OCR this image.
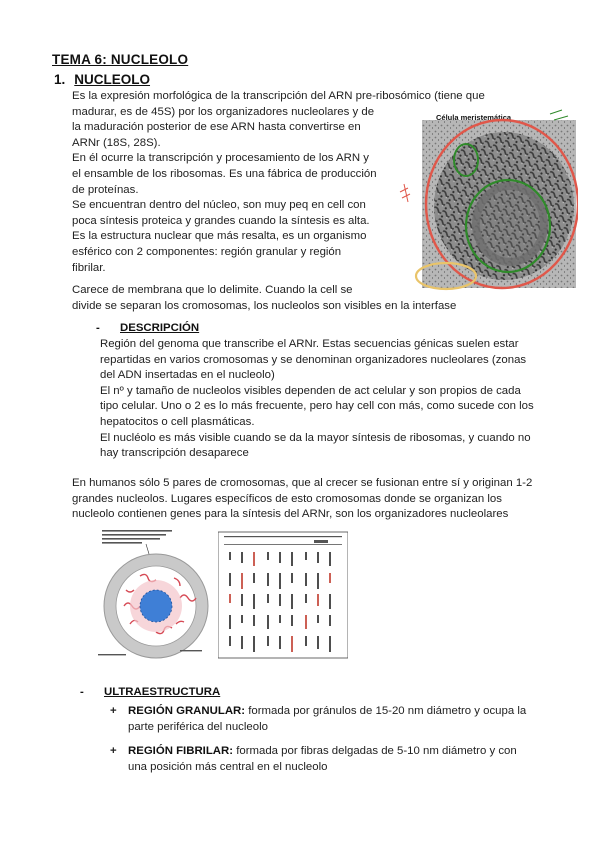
TEMA 6: NUCLEOLO
1. NUCLEOLO

Es la expresión morfológica de la transcripción del ARN pre-ribosómico (tiene que

madurar, es de 45S) por los organizadores nucleolares y de

la maduración posterior de ese ARN hasta convertirse en

ARNr (18S, 28S).

En él ocurre la transcripción y procesamiento de los ARN y

el ensamble de los ribosomas. Es una fábrica de producción

de proteínas.

Se encuentran dentro del núcleo, son muy peq en cell con

poca síntesis proteica y grandes cuando la síntesis es alta.

Es la estructura nuclear que más resalta, es un organismo

esférico con 2 componentes: región granular y región

fibrilar.

Carece de membrana que lo delimite. Cuando la cell se

divide se separan los cromosomas, los nucleolos son visibles en la interfase

Célula meristemática
- DESCRIPCIÓN

Región del genoma que transcribe el ARNr. Estas secuencias génicas suelen estar

repartidas en varios cromosomas y se denominan organizadores nucleolares (zonas

del ADN insertadas en el nucleolo)

El nº y tamaño de nucleolos visibles dependen de act celular y son propios de cada

tipo celular. Uno o 2 es lo más frecuente, pero hay cell con más, como sucede con los

hepatocitos o cell plasmáticas.

El nucléolo es más visible cuando se da la mayor síntesis de ribosomas, y cuando no

hay transcripción desaparece

En humanos sólo 5 pares de cromosomas, que al crecer se fusionan entre sí y originan 1-2

grandes nucleolos. Lugares específicos de esto cromosomas donde se organizan los

nucleolo contienen genes para la síntesis del ARNr, son los organizadores nucleolares

- ULTRAESTRUCTURA
+ REGIÓN GRANULAR: formada por gránulos de 15-20 nm diámetro y ocupa la
parte periférica del nucleolo
+ REGIÓN FIBRILAR: formada por fibras delgadas de 5-10 nm diámetro y con
una posición más central en el nucleolo
